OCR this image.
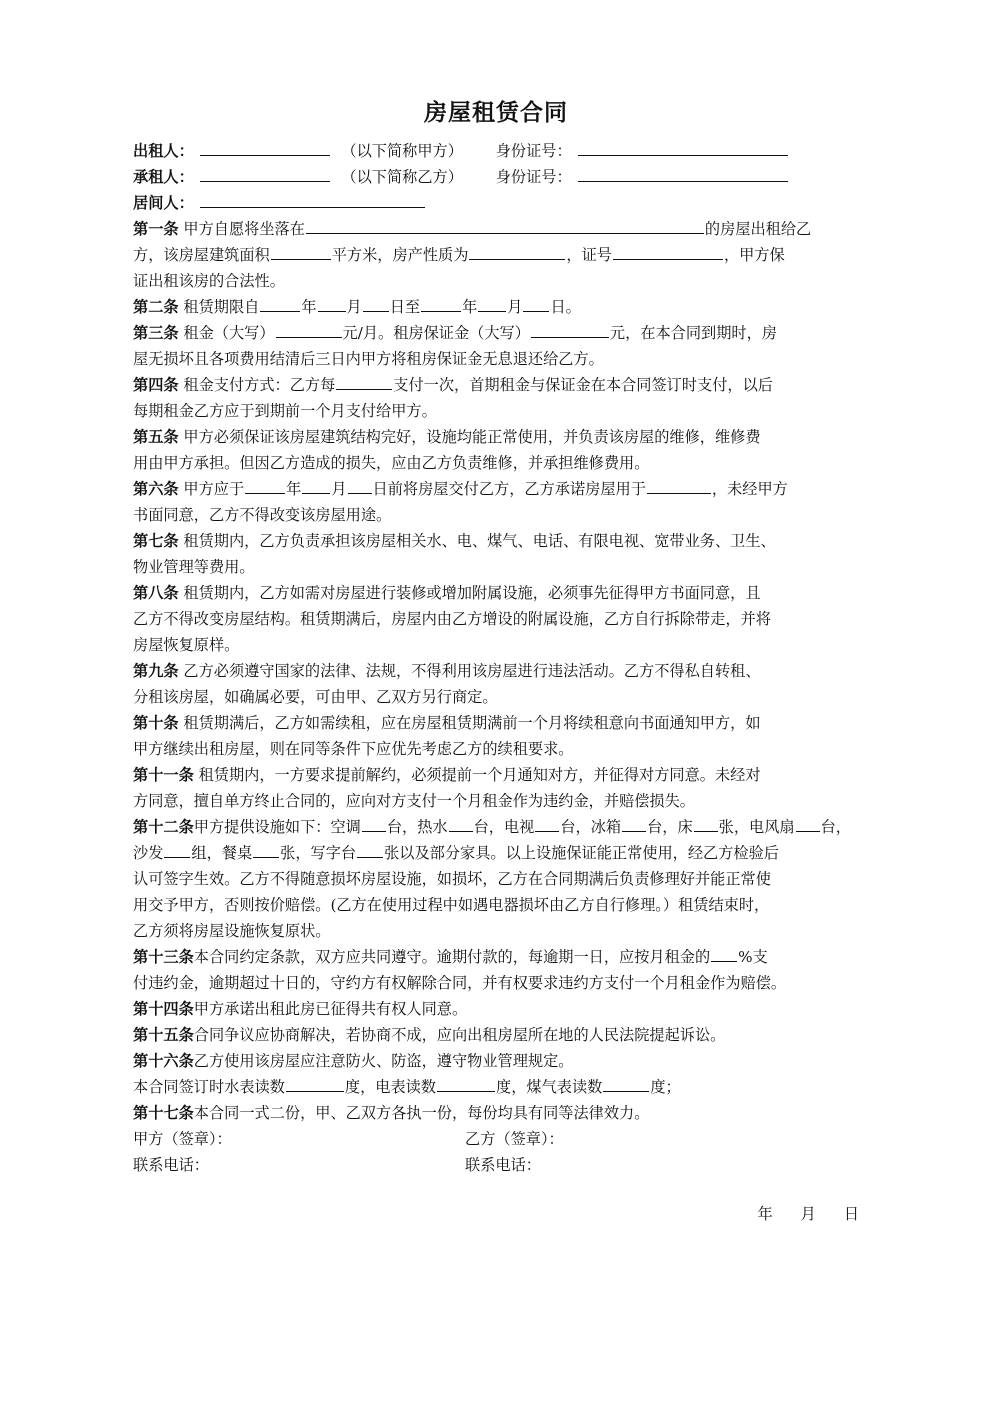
房屋租赁合同
出租人：	（以下简称甲方） 身份证号：
承租人：	（以下简称乙方） 身份证号：
居间人：
第一条 甲方自愿将坐落在	的房屋出租给乙
方，该房屋建筑面积	平方米，房产性质为	，证号	，甲方保
证出租该房的合法性。
第二条 租赁期限自	年 月 日至	年 月 日。
第三条 租金（大写）	元/月。租房保证金（大写）	元，在本合同到期时，房
屋无损坏且各项费用结清后三日内甲方将租房保证金无息退还给乙方。
第四条 租金支付方式：乙方每	支付一次，首期租金与保证金在本合同签订时支付，以后
每期租金乙方应于到期前一个月支付给甲方。
第五条 甲方必须保证该房屋建筑结构完好，设施均能正常使用，并负责该房屋的维修，维修费
用由甲方承担。但因乙方造成的损失，应由乙方负责维修，并承担维修费用。
第六条 甲方应于	年 月 日前将房屋交付乙方，乙方承诺房屋用于	，未经甲方
书面同意，乙方不得改变该房屋用途。
第七条 租赁期内，乙方负责承担该房屋相关水、电、煤气、电话、有限电视、宽带业务、卫生、
物业管理等费用。
第八条 租赁期内，乙方如需对房屋进行装修或增加附属设施，必须事先征得甲方书面同意，且
乙方不得改变房屋结构。租赁期满后，房屋内由乙方增设的附属设施，乙方自行拆除带走，并将
房屋恢复原样。
第九条 乙方必须遵守国家的法律、法规，不得利用该房屋进行违法活动。乙方不得私自转租、
分租该房屋，如确属必要，可由甲、乙双方另行商定。
第十条 租赁期满后，乙方如需续租，应在房屋租赁期满前一个月将续租意向书面通知甲方，如
甲方继续出租房屋，则在同等条件下应优先考虑乙方的续租要求。
第十一条 租赁期内，一方要求提前解约，必须提前一个月通知对方，并征得对方同意。未经对
方同意，擅自单方终止合同的，应向对方支付一个月租金作为违约金，并赔偿损失。
第十二条甲方提供设施如下：空调 台，热水 台，电视 台，冰箱 台，床 张，电风扇 台，
沙发 组，餐桌 张，写字台 张以及部分家具。以上设施保证能正常使用，经乙方检验后
认可签字生效。乙方不得随意损坏房屋设施，如损坏，乙方在合同期满后负责修理好并能正常使
用交予甲方，否则按价赔偿。(乙方在使用过程中如遇电器损坏由乙方自行修理。）租赁结束时，
乙方须将房屋设施恢复原状。
第十三条本合同约定条款，双方应共同遵守。逾期付款的，每逾期一日，应按月租金的 %支
付违约金，逾期超过十日的，守约方有权解除合同，并有权要求违约方支付一个月租金作为赔偿。
第十四条甲方承诺出租此房已征得共有权人同意。
第十五条合同争议应协商解决，若协商不成，应向出租房屋所在地的人民法院提起诉讼。
第十六条乙方使用该房屋应注意防火、防盗，遵守物业管理规定。
本合同签订时水表读数	度，电表读数	度，煤气表读数	度；
第十七条本合同一式二份，甲、乙双方各执一份，每份均具有同等法律效力。
甲方（签章）：	乙方（签章）：
联系电话：	联系电话：
年 月 日
